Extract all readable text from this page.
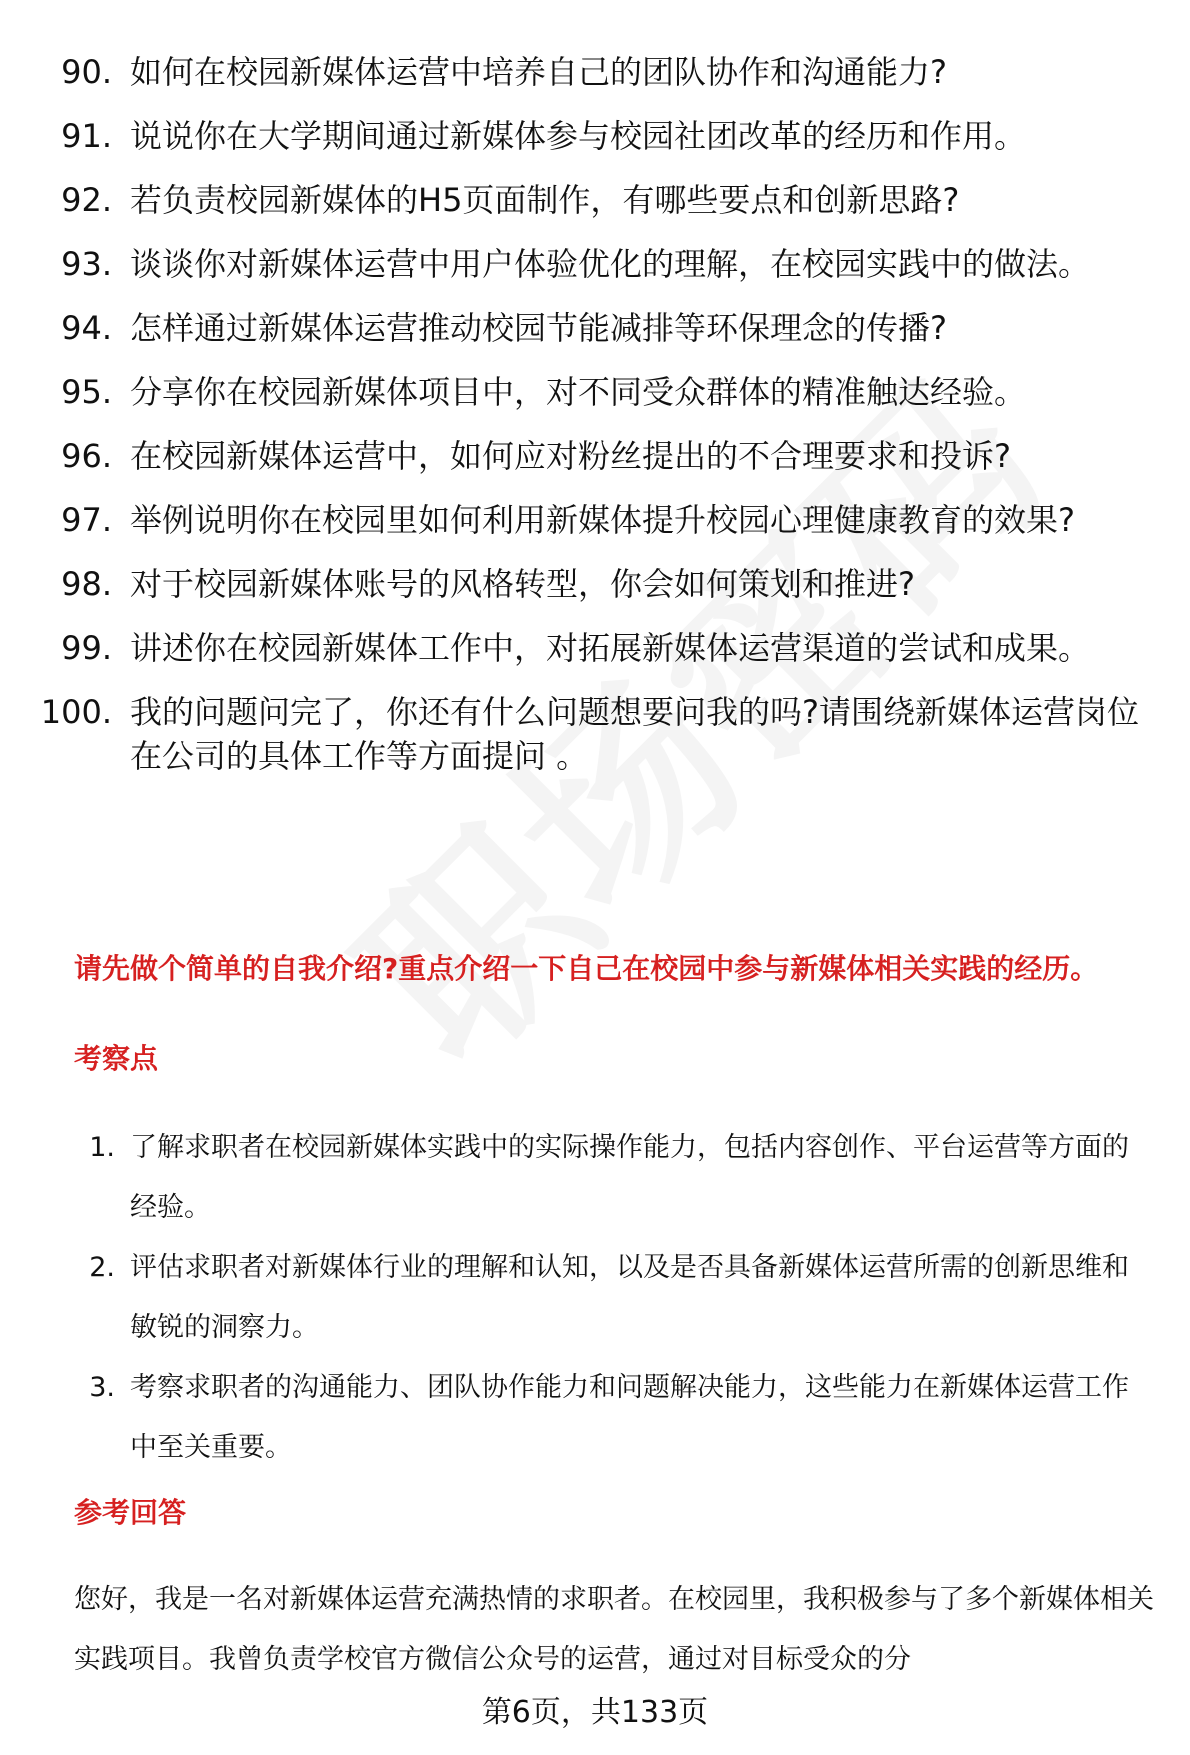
90. 如何在校园新媒体运营中培养自己的团队协作和沟通能力?
91. 说说你在大学期间通过新媒体参与校园社团改革的经历和作用。
92. 若负责校园新媒体的H5页面制作，有哪些要点和创新思路?
93. 谈谈你对新媒体运营中用户体验优化的理解，在校园实践中的做法。
94. 怎样通过新媒体运营推动校园节能减排等环保理念的传播?
95. 分享你在校园新媒体项目中，对不同受众群体的精准触达经验。
96. 在校园新媒体运营中，如何应对粉丝提出的不合理要求和投诉?
97. 举例说明你在校园里如何利用新媒体提升校园心理健康教育的效果?
98. 对于校园新媒体账号的风格转型，你会如何策划和推进?
99. 讲述你在校园新媒体工作中，对拓展新媒体运营渠道的尝试和成果。
100. 我的问题问完了，你还有什么问题想要问我的吗?请围绕新媒体运营岗位在公司的具体工作等方面提问 。
请先做个简单的自我介绍?重点介绍一下自己在校园中参与新媒体相关实践的经历。
考察点
1. 了解求职者在校园新媒体实践中的实际操作能力，包括内容创作、平台运营等方面的经验。
2. 评估求职者对新媒体行业的理解和认知，以及是否具备新媒体运营所需的创新思维和敏锐的洞察力。
3. 考察求职者的沟通能力、团队协作能力和问题解决能力，这些能力在新媒体运营工作中至关重要。
参考回答
您好，我是一名对新媒体运营充满热情的求职者。在校园里，我积极参与了多个新媒体相关实践项目。我曾负责学校官方微信公众号的运营，通过对目标受众的分
第6页，共133页
